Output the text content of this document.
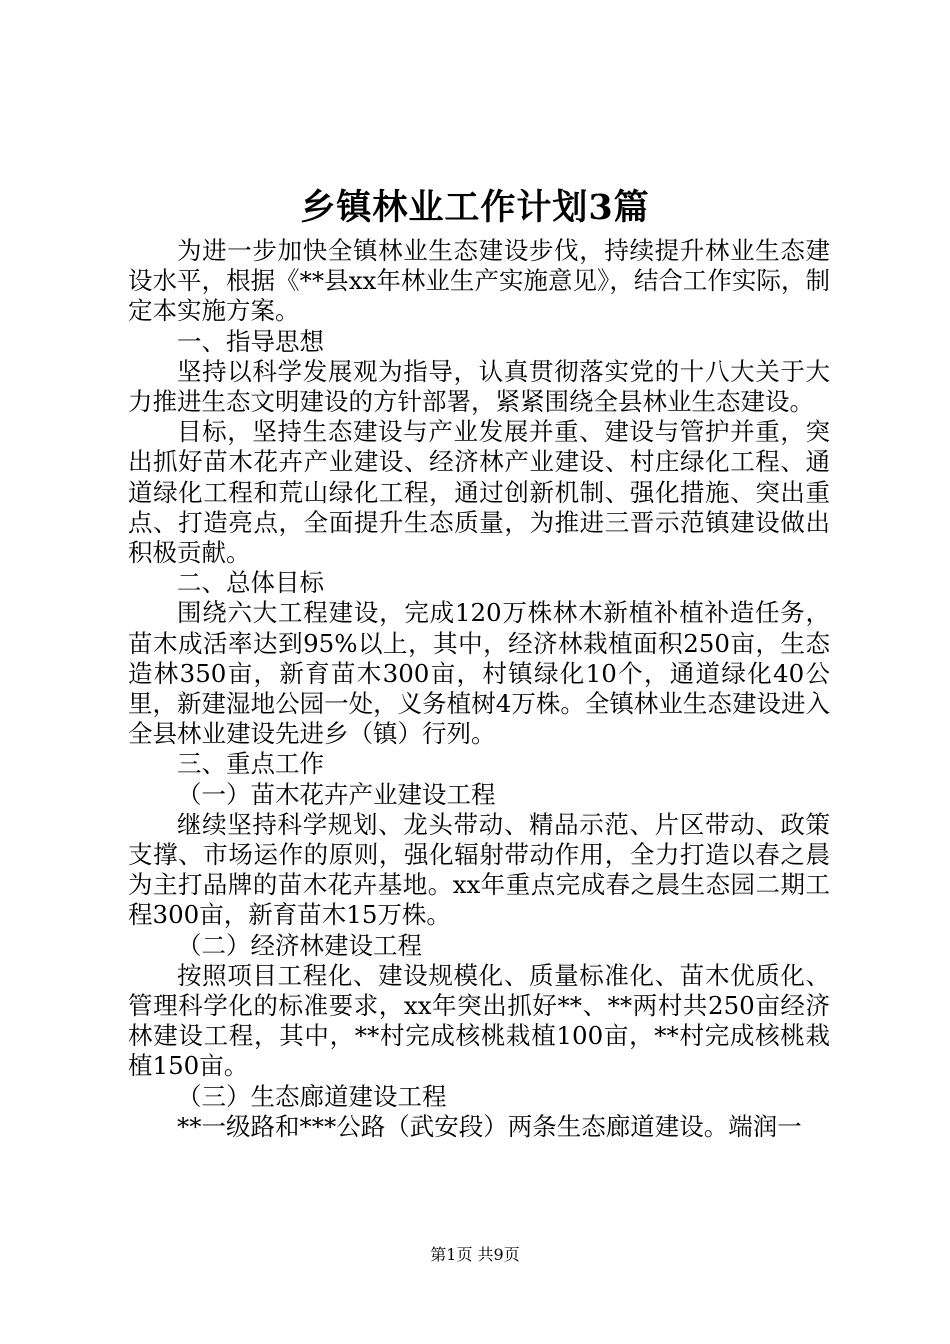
乡镇林业工作计划3篇

为进一步加快全镇林业生态建设步伐，持续提升林业生态建设水平，根据《**县xx年林业生产实施意见》，结合工作实际，制定本实施方案。

一、指导思想

坚持以科学发展观为指导，认真贯彻落实党的十八大关于大力推进生态文明建设的方针部署，紧紧围绕全县林业生态建设。

目标，坚持生态建设与产业发展并重、建设与管护并重，突出抓好苗木花卉产业建设、经济林产业建设、村庄绿化工程、通道绿化工程和荒山绿化工程，通过创新机制、强化措施、突出重点、打造亮点，全面提升生态质量，为推进三晋示范镇建设做出积极贡献。

二、总体目标

围绕六大工程建设，完成120万株林木新植补植补造任务，苗木成活率达到95%以上，其中，经济林栽植面积250亩，生态造林350亩，新育苗木300亩，村镇绿化10个，通道绿化40公里，新建湿地公园一处，义务植树4万株。全镇林业生态建设进入全县林业建设先进乡（镇）行列。

三、重点工作

（一）苗木花卉产业建设工程

继续坚持科学规划、龙头带动、精品示范、片区带动、政策支撑、市场运作的原则，强化辐射带动作用，全力打造以春之晨为主打品牌的苗木花卉基地。xx年重点完成春之晨生态园二期工程300亩，新育苗木15万株。

（二）经济林建设工程

按照项目工程化、建设规模化、质量标准化、苗木优质化、管理科学化的标准要求，xx年突出抓好**、**两村共250亩经济林建设工程，其中，**村完成核桃栽植100亩，**村完成核桃栽植150亩。

（三）生态廊道建设工程

**一级路和***公路（武安段）两条生态廊道建设。端润一

第1页 共9页
